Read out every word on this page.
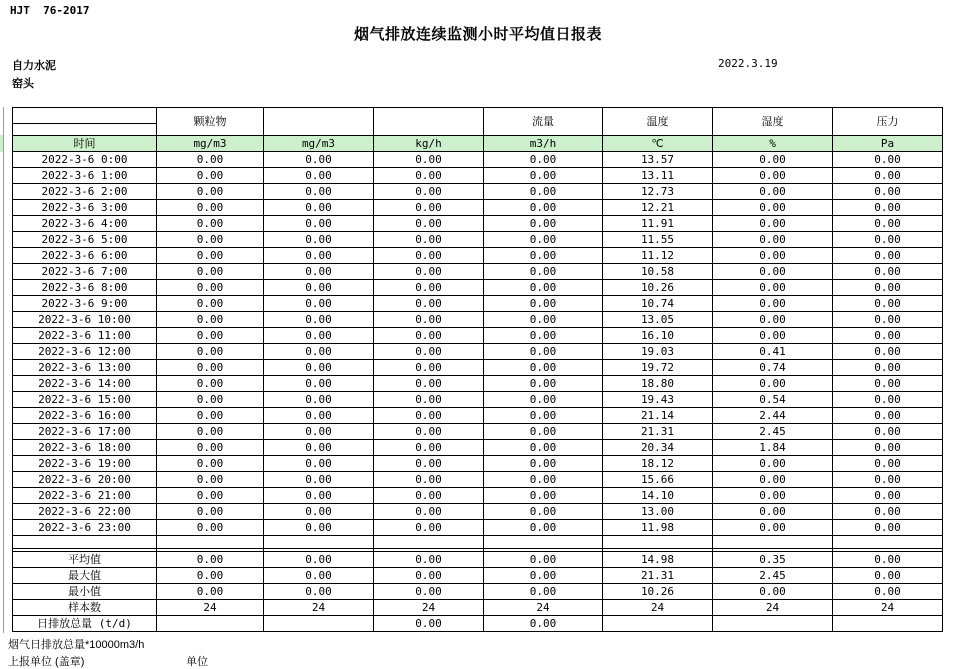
HJT  76-2017
烟气排放连续监测小时平均值日报表
自力水泥
窑头
2022.3.19
	颗粒物			流量	温度	湿度	压力

时间	mg/m3	mg/m3	kg/h	m3/h	℃	%	Pa
2022-3-6 0:00	0.00	0.00	0.00	0.00	13.57	0.00	0.00
2022-3-6 1:00	0.00	0.00	0.00	0.00	13.11	0.00	0.00
2022-3-6 2:00	0.00	0.00	0.00	0.00	12.73	0.00	0.00
2022-3-6 3:00	0.00	0.00	0.00	0.00	12.21	0.00	0.00
2022-3-6 4:00	0.00	0.00	0.00	0.00	11.91	0.00	0.00
2022-3-6 5:00	0.00	0.00	0.00	0.00	11.55	0.00	0.00
2022-3-6 6:00	0.00	0.00	0.00	0.00	11.12	0.00	0.00
2022-3-6 7:00	0.00	0.00	0.00	0.00	10.58	0.00	0.00
2022-3-6 8:00	0.00	0.00	0.00	0.00	10.26	0.00	0.00
2022-3-6 9:00	0.00	0.00	0.00	0.00	10.74	0.00	0.00
2022-3-6 10:00	0.00	0.00	0.00	0.00	13.05	0.00	0.00
2022-3-6 11:00	0.00	0.00	0.00	0.00	16.10	0.00	0.00
2022-3-6 12:00	0.00	0.00	0.00	0.00	19.03	0.41	0.00
2022-3-6 13:00	0.00	0.00	0.00	0.00	19.72	0.74	0.00
2022-3-6 14:00	0.00	0.00	0.00	0.00	18.80	0.00	0.00
2022-3-6 15:00	0.00	0.00	0.00	0.00	19.43	0.54	0.00
2022-3-6 16:00	0.00	0.00	0.00	0.00	21.14	2.44	0.00
2022-3-6 17:00	0.00	0.00	0.00	0.00	21.31	2.45	0.00
2022-3-6 18:00	0.00	0.00	0.00	0.00	20.34	1.84	0.00
2022-3-6 19:00	0.00	0.00	0.00	0.00	18.12	0.00	0.00
2022-3-6 20:00	0.00	0.00	0.00	0.00	15.66	0.00	0.00
2022-3-6 21:00	0.00	0.00	0.00	0.00	14.10	0.00	0.00
2022-3-6 22:00	0.00	0.00	0.00	0.00	13.00	0.00	0.00
2022-3-6 23:00	0.00	0.00	0.00	0.00	11.98	0.00	0.00

平均值	0.00	0.00	0.00	0.00	14.98	0.35	0.00
最大值	0.00	0.00	0.00	0.00	21.31	2.45	0.00
最小值	0.00	0.00	0.00	0.00	10.26	0.00	0.00
样本数	24	24	24	24	24	24	24
日排放总量 (t/d)			0.00	0.00			
烟气日排放总量*10000m3/h
上报单位 (盖章)	单位
